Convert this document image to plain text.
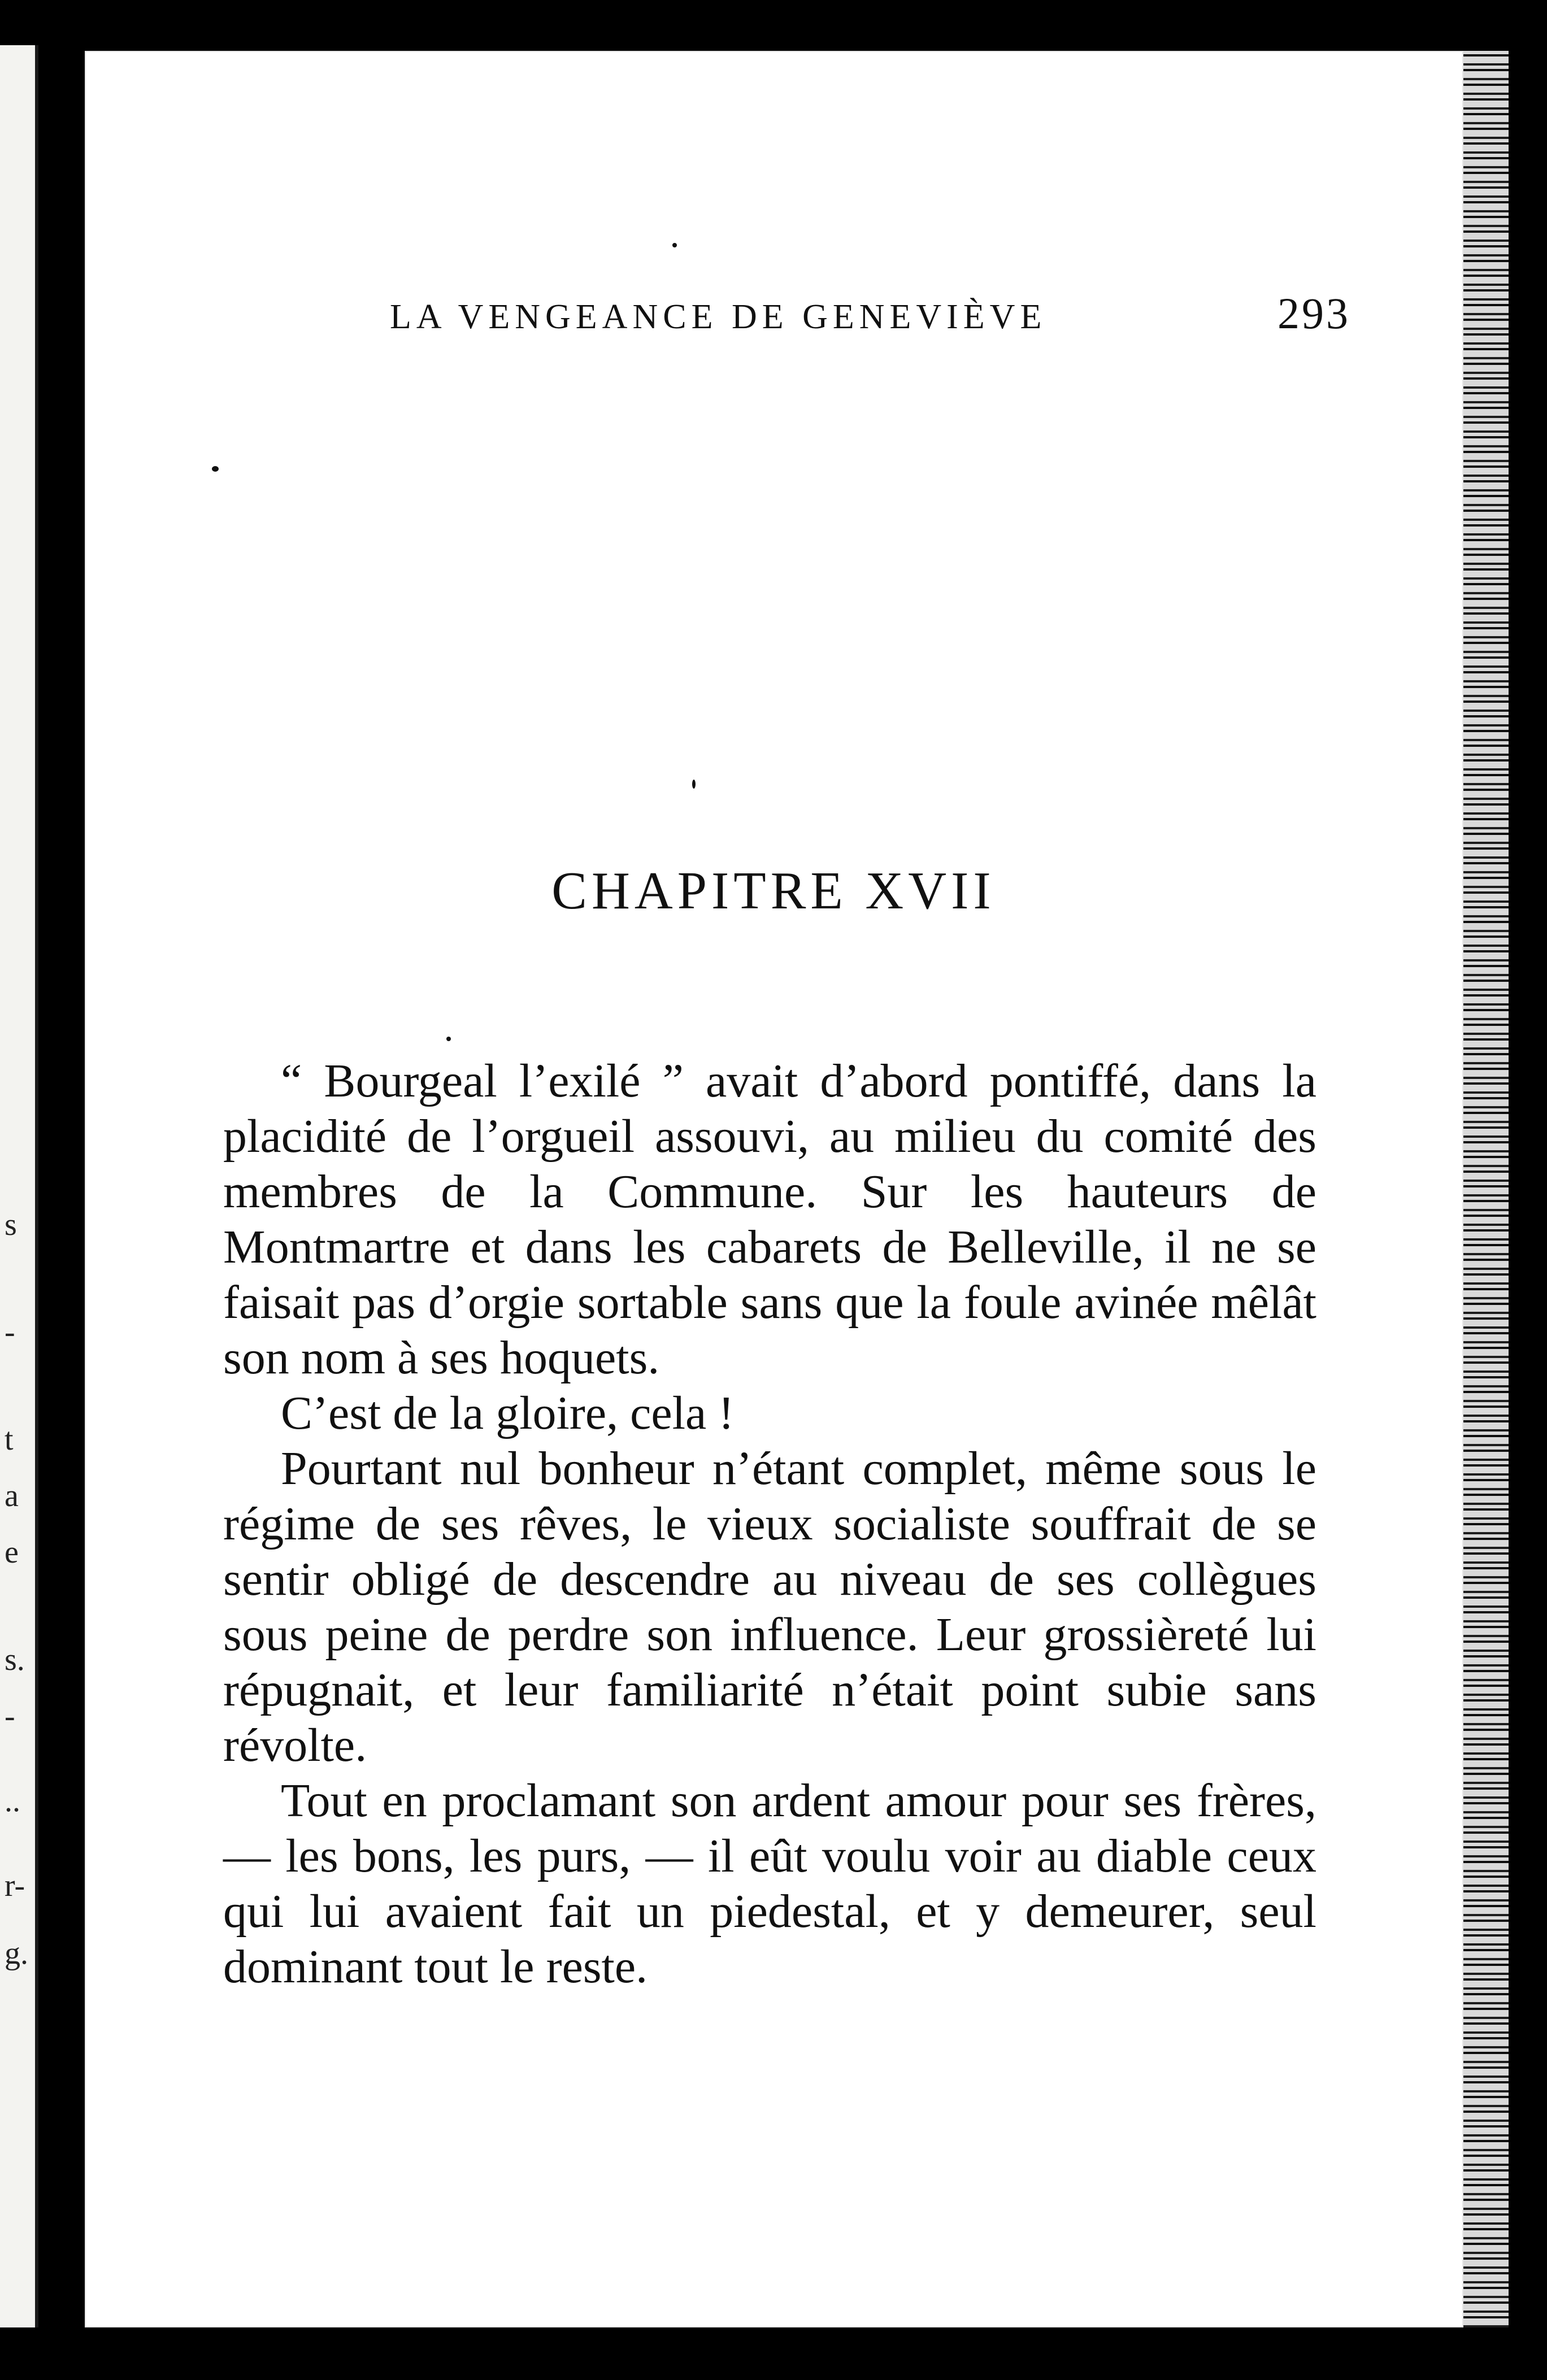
s
-
t
a
e
s.
-
..
r-
g.
LA VENGEANCE DE GENEVIÈVE	293
CHAPITRE XVII

“ Bourgeal l’exilé ” avait d’abord pontiffé, dans la placidité de l’orgueil assouvi, au milieu du comité des membres de la Commune. Sur les hauteurs de Montmartre et dans les cabarets de Belleville, il ne se faisait pas d’orgie sortable sans que la foule avinée mêlât son nom à ses hoquets.

C’est de la gloire, cela !

Pourtant nul bonheur n’étant complet, même sous le régime de ses rêves, le vieux socialiste souffrait de se sentir obligé de descendre au niveau de ses collègues sous peine de perdre son influence. Leur grossièreté lui répugnait, et leur familiarité n’était point subie sans révolte.

Tout en proclamant son ardent amour pour ses frères, — les bons, les purs, — il eût voulu voir au diable ceux qui lui avaient fait un piedestal, et y demeurer, seul dominant tout le reste.
